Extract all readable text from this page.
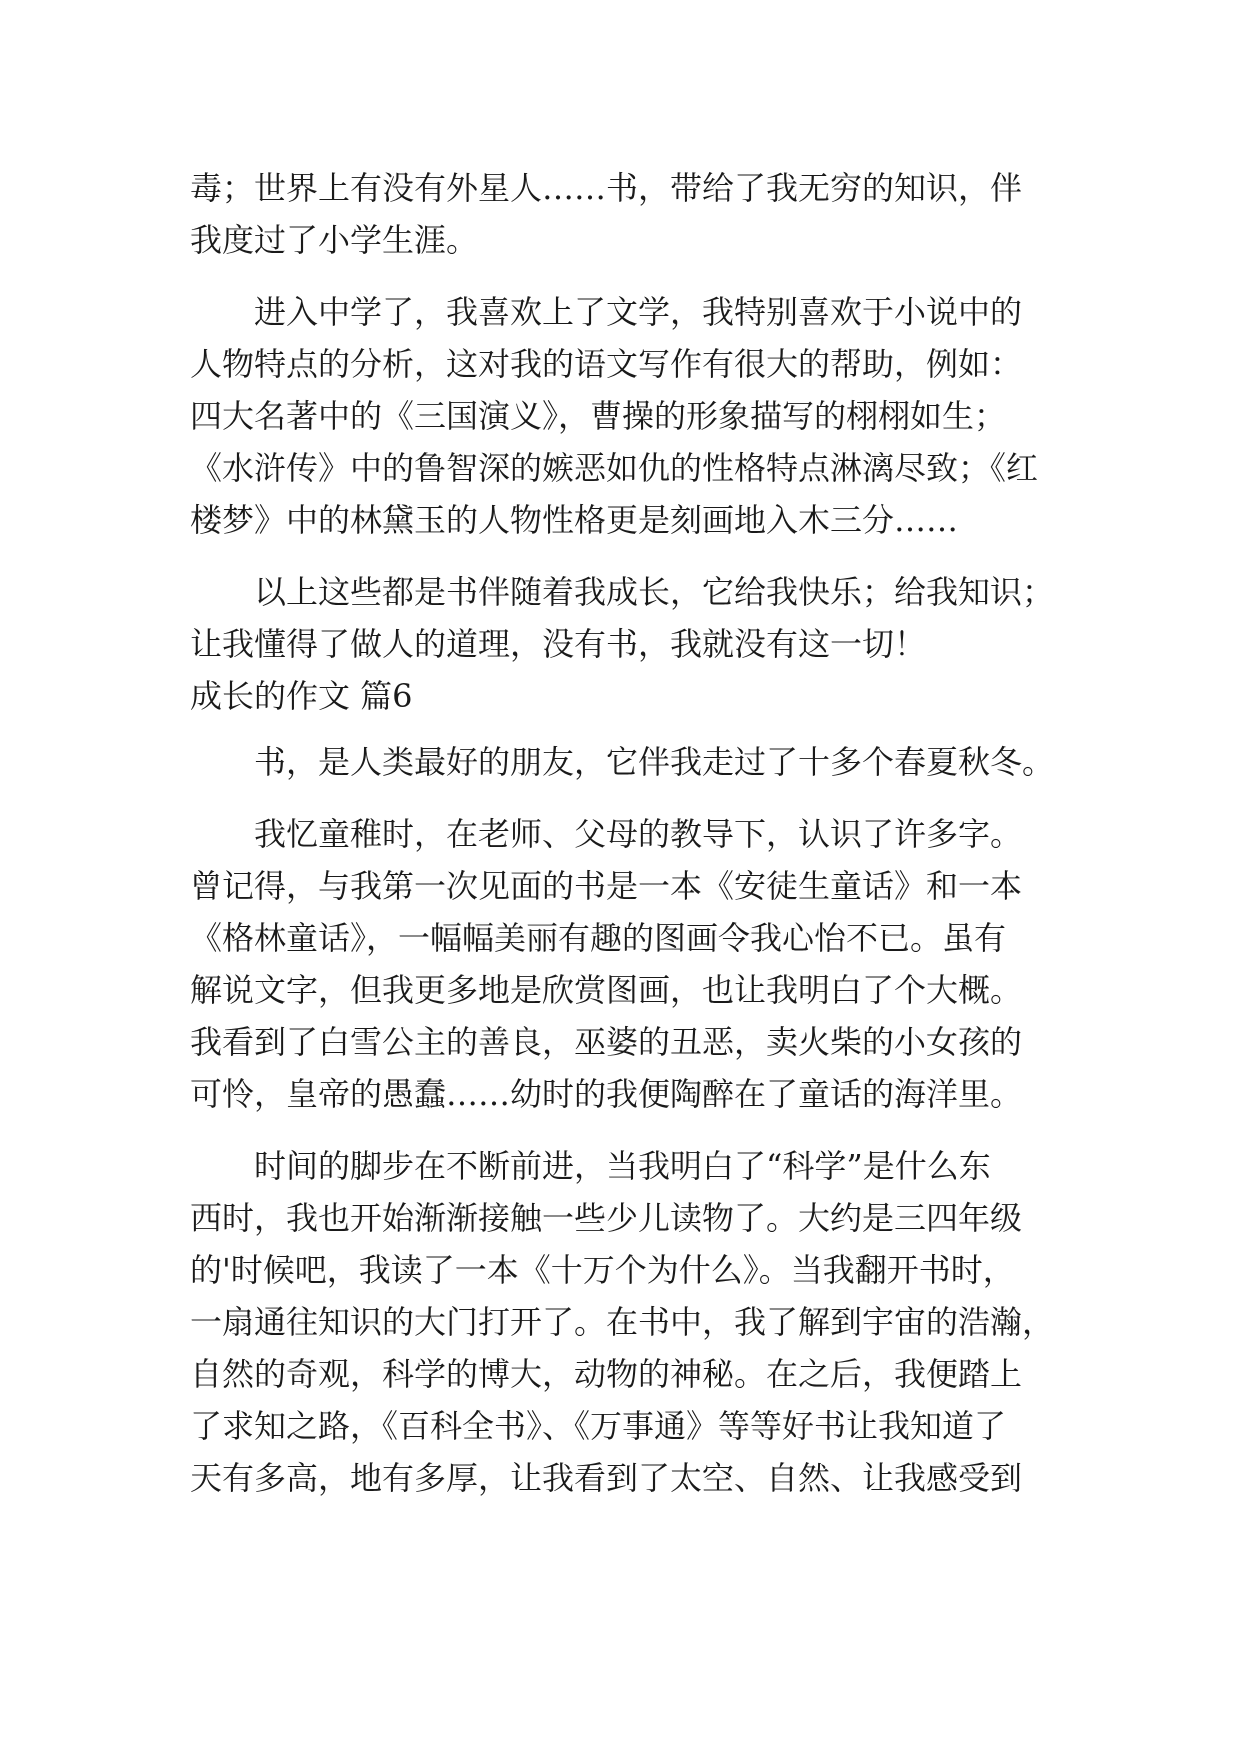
毒；世界上有没有外星人……书，带给了我无穷的知识，伴
我度过了小学生涯。
进入中学了，我喜欢上了文学，我特别喜欢于小说中的
人物特点的分析，这对我的语文写作有很大的帮助，例如：
四大名著中的《三国演义》，曹操的形象描写的栩栩如生；
《水浒传》中的鲁智深的嫉恶如仇的性格特点淋漓尽致；《红
楼梦》中的林黛玉的人物性格更是刻画地入木三分……
以上这些都是书伴随着我成长，它给我快乐；给我知识；
让我懂得了做人的道理，没有书，我就没有这一切！
成长的作文 篇6
书，是人类最好的朋友，它伴我走过了十多个春夏秋冬。
我忆童稚时，在老师、父母的教导下，认识了许多字。
曾记得，与我第一次见面的书是一本《安徒生童话》和一本
《格林童话》，一幅幅美丽有趣的图画令我心怡不已。虽有
解说文字，但我更多地是欣赏图画，也让我明白了个大概。
我看到了白雪公主的善良，巫婆的丑恶，卖火柴的小女孩的
可怜，皇帝的愚蠢……幼时的我便陶醉在了童话的海洋里。
时间的脚步在不断前进，当我明白了“科学”是什么东
西时，我也开始渐渐接触一些少儿读物了。大约是三四年级
的'时候吧，我读了一本《十万个为什么》。当我翻开书时，
一扇通往知识的大门打开了。在书中，我了解到宇宙的浩瀚，
自然的奇观，科学的博大，动物的神秘。在之后，我便踏上
了求知之路，《百科全书》、《万事通》等等好书让我知道了
天有多高，地有多厚，让我看到了太空、自然、让我感受到
